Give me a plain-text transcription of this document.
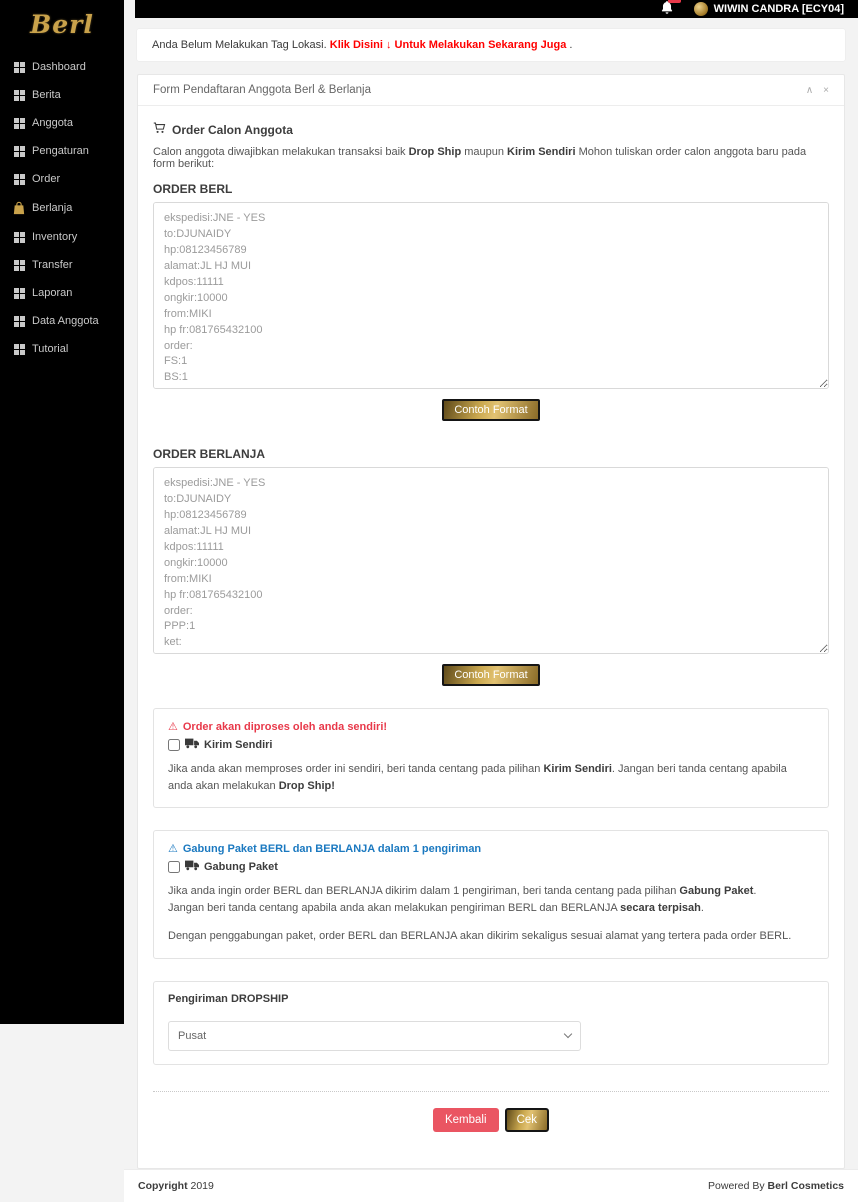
Berl
Dashboard
Berita
Anggota
Pengaturan
Order
Berlanja
Inventory
Transfer
Laporan
Data Anggota
Tutorial
WIWIN CANDRA [ECY04]
Anda Belum Melakukan Tag Lokasi. Klik Disini ↓ Untuk Melakukan Sekarang Juga .
Form Pendaftaran Anggota Berl & Berlanja	∧ ×
Order Calon Anggota

Calon anggota diwajibkan melakukan transaksi baik Drop Ship maupun Kirim Sendiri Mohon tuliskan order calon anggota baru pada form berikut:

ORDER BERL
ekspedisi:JNE - YES to:DJUNAIDY hp:08123456789 alamat:JL HJ MUI kdpos:11111 ongkir:10000 from:MIKI hp fr:081765432100 order: FS:1 BS:1 ket:
Contoh Format
ORDER BERLANJA
ekspedisi:JNE - YES to:DJUNAIDY hp:08123456789 alamat:JL HJ MUI kdpos:11111 ongkir:10000 from:MIKI hp fr:081765432100 order: PPP:1 ket:
Contoh Format
⚠ Order akan diproses oleh anda sendiri!
Kirim Sendiri

Jika anda akan memproses order ini sendiri, beri tanda centang pada pilihan Kirim Sendiri. Jangan beri tanda centang apabila anda akan melakukan Drop Ship!

⚠ Gabung Paket BERL dan BERLANJA dalam 1 pengiriman
Gabung Paket

Jika anda ingin order BERL dan BERLANJA dikirim dalam 1 pengiriman, beri tanda centang pada pilihan Gabung Paket.

Jangan beri tanda centang apabila anda akan melakukan pengiriman BERL dan BERLANJA secara terpisah.

Dengan penggabungan paket, order BERL dan BERLANJA akan dikirim sekaligus sesuai alamat yang tertera pada order BERL.

Pengiriman DROPSHIP
Pusat
Kembali	Cek
Copyright 2019	Powered By Berl Cosmetics
